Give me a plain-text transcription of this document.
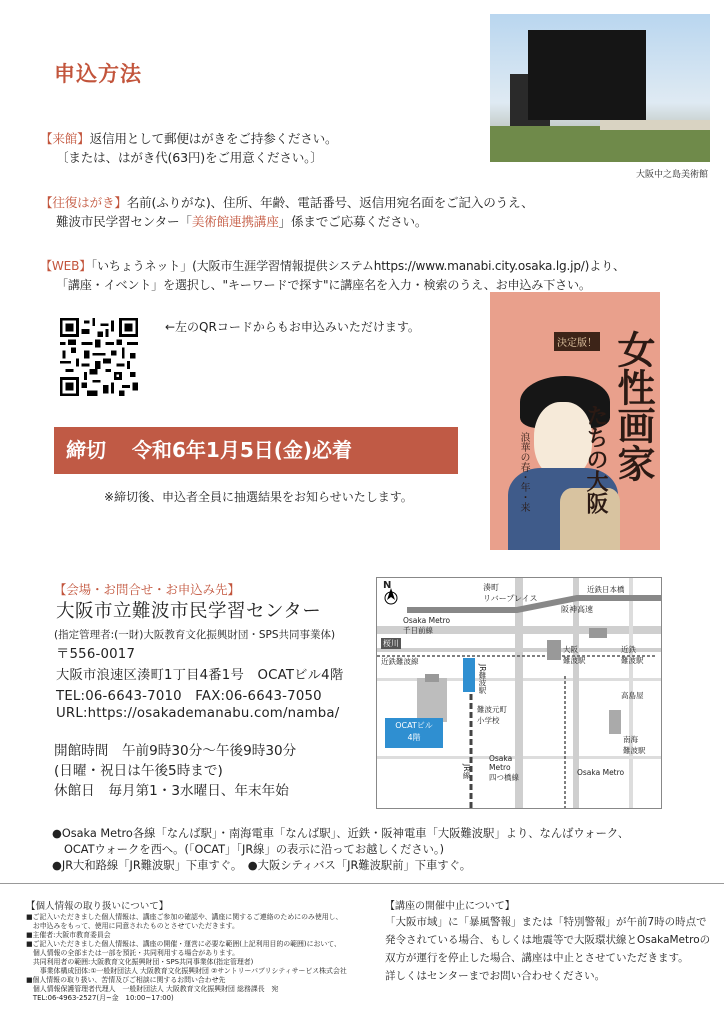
申込方法
大阪中之島美術館
【来館】返信用として郵便はがきをご持参ください。
〔または、はがき代(63円)をご用意ください。〕
【往復はがき】名前(ふりがな)、住所、年齢、電話番号、返信用宛名面をご記入のうえ、
難波市民学習センター「美術館連携講座」係までご応募ください。
【WEB】「いちょうネット」(大阪市生涯学習情報提供システムhttps://www.manabi.city.osaka.lg.jp/)より、
「講座・イベント」を選択し、"キーワードで探す"に講座名を入力・検索のうえ、お申込み下さい。
←左のQRコードからもお申込みいただけます。
決定版！ 女性画家
たちの大阪
浪華の春・年・来
締切 令和6年1月5日(金)必着
※締切後、申込者全員に抽選結果をお知らせいたします。
【会場・お問合せ・お申込み先】
大阪市立難波市民学習センター
(指定管理者:(一財)大阪教育文化振興財団・SPS共同事業体)
〒556-0017
大阪市浪速区湊町1丁目4番1号　OCATビル4階
TEL:06-6643-7010　FAX:06-6643-7050
URL:https://osakademanabu.com/namba/
開館時間　午前9時30分～午後9時30分
(日曜・祝日は午後5時まで)
休館日　毎月第1・3水曜日、年末年始
N	湊町
リバープレイス
阪神高速
Osaka Metro
千日前線
桜川
近鉄難波線
JR難波駅
OCATビル
4階
難波元町
小学校
JR線
Osaka
Metro
四つ橋線
大阪
難波駅
近鉄日本橋
近鉄
難波駅
高島屋
南海
難波駅
Osaka Metro
●Osaka Metro各線「なんば駅」・南海電車「なんば駅」、近鉄・阪神電車「大阪難波駅」より、なんばウォーク、
OCATウォークを西へ。(「OCAT」「JR線」の表示に沿ってお越しください。)
●JR大和路線「JR難波駅」下車すぐ。　●大阪シティバス「JR難波駅前」下車すぐ。
【個人情報の取り扱いについて】
■ご記入いただきました個人情報は、講座ご参加の確認や、講座に関するご連絡のためにのみ使用し、
　お申込みをもって、使用に同意されたものとさせていただきます。
■主催者:大阪市教育委員会
■ご記入いただきました個人情報は、講座の開催・運営に必要な範囲(上記利用目的の範囲)において、
　個人情報の全部または一部を預託・共同利用する場合があります。
　共同利用者の範囲:大阪教育文化振興財団・SPS共同事業体(指定管理者)
　　事業体構成団体:①一般財団法人 大阪教育文化振興財団 ②サントリーパブリシティサービス株式会社
■個人情報の取り扱い、苦情及びご相談に関するお問い合わせ先
　個人情報保護管理者代理人　一般財団法人 大阪教育文化振興財団 総務課長　宛
　TEL:06-4963-2527(月~金　10:00~17:00)
【講座の開催中止について】
「大阪市域」に「暴風警報」または「特別警報」が午前7時の時点で
発令されている場合、もしくは地震等で大阪環状線とOsakaMetroの
双方が運行を停止した場合、講座は中止とさせていただきます。
詳しくはセンターまでお問い合わせください。
